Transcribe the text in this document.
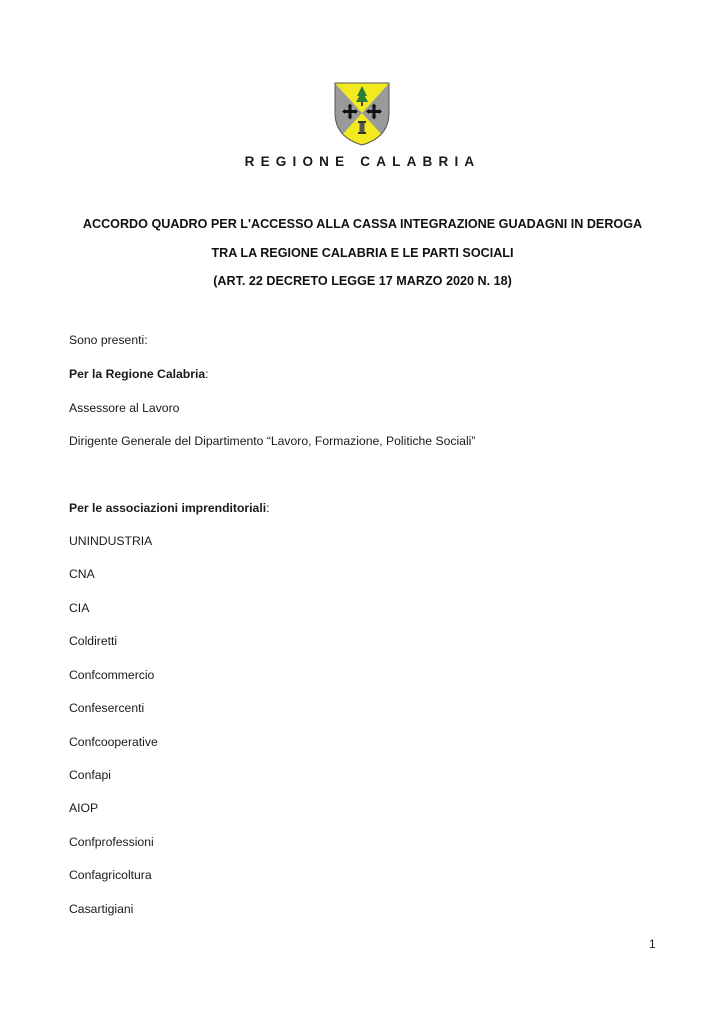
REGIONE CALABRIA
ACCORDO QUADRO PER L'ACCESSO ALLA CASSA INTEGRAZIONE GUADAGNI IN DEROGA
TRA LA REGIONE CALABRIA E LE PARTI SOCIALI
(ART. 22 DECRETO LEGGE 17 MARZO 2020 N. 18)
Sono presenti:
Per la Regione Calabria:
Assessore al Lavoro
Dirigente Generale del Dipartimento “Lavoro, Formazione, Politiche Sociali”
Per le associazioni imprenditoriali:
UNINDUSTRIA
CNA
CIA
Coldiretti
Confcommercio
Confesercenti
Confcooperative
Confapi
AIOP
Confprofessioni
Confagricoltura
Casartigiani
1
